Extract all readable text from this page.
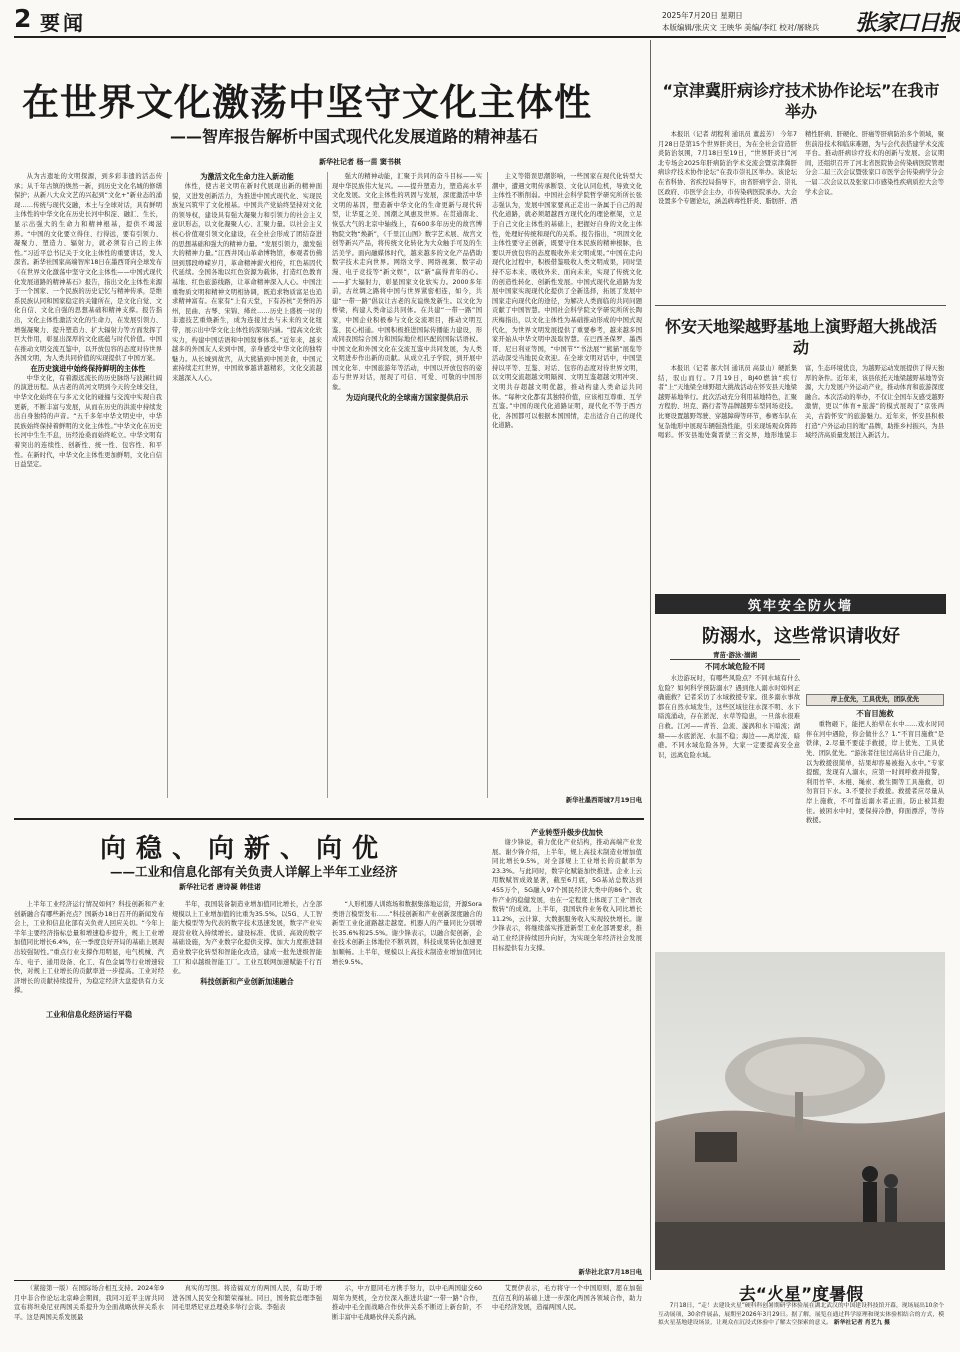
2 要闻	2025年7月20日 星期日
本版编辑/张庆文 王映华 美编/李红 校对/屠晓兵 张家口日报
在世界文化激荡中坚守文化主体性
——智库报告解析中国式现代化发展道路的精神基石
新华社记者 杨一苗 窦书棋

从为古遗址的文明探源，到多彩非遗的活态传承；从千年古镇的焕然一新，到历史文化名城的修缮保护；从新八大众文艺的兴起到“文化+”新业态的涌现……传统与现代交融，本土与全球对话，具有鲜明主体性的中华文化在历史长河中积淀、融汇、生长，显示出强大的生命力和精神根基，提供不竭滋养。“中国的文化要立得住、行得远，要有引领力、凝聚力、塑造力、辐射力，就必须有自己的主体性。”习近平总书记关于文化主体性的重要讲话，发人深省。新华社国家高端智库18日在墨西哥向全球发布《在世界文化激荡中坚守文化主体性——中国式现代化发展道路的精神基石》报告，指出文化主体性来源于一个国家、一个民族的历史记忆与精神传承，是维系民族认同和国家稳定的关键所在，是文化自觉、文化自信、文化自强的思想基础和精神支撑。报告指出，文化主体性激活文化的生命力，在发展引领力、增强凝聚力、提升塑造力、扩大辐射力等方面发挥了巨大作用，彰显出深厚的文化底蕴与时代价值。中国在推动文明交流互鉴中，以开放包容的态度对待世界各国文明，为人类共同价值的实现提供了中国方案。

在历史演进中始终保持鲜明的主体性

中华文化，有着源远流长的历史脉络与波澜壮阔的演进历程。从古老的黄河文明到今天的全球交往，中华文化始终在与多元文化的碰撞与交流中实现自我更新，不断丰富与发展，从而在历史的洪流中持续发出自身独特的声音。“五千多年中华文明史中，中华民族始终保持着鲜明的文化主体性。”中华文化在历史长河中生生不息，历经沧桑而始终屹立。中华文明有着突出的连续性、创新性、统一性、包容性、和平性。在新时代，中华文化主体性更加鲜明，文化自信日益坚定。

为激活文化生命力注入新动能

体性，使古老文明在新时代展现出新的精神面貌，又进发创新活力，为推进中国式现代化、实现民族复兴筑牢了文化根基。中国共产党始终坚持对文化的领导权，建设具有强大凝聚力和引领力的社会主义意识形态，以文化凝聚人心、汇聚力量。以社会主义核心价值观引领文化建设，在全社会形成了团结奋进的思想基础和强大的精神力量。“发展引领力，激发强大的精神力量。”江西井冈山革命博物馆，参观者仿佛回到那段峥嵘岁月，革命精神薪火相传，红色基因代代延续。全国各地以红色资源为载体，打造红色教育基地、红色旅游线路，让革命精神深入人心。中国注重物质文明和精神文明相协调，既追求物质富足也追求精神富有。在家有“上有天堂，下有苏杭”美誉的苏州，昆曲、古琴、宋锦、缂丝……历史上盛极一时的非遗技艺重焕新生，成为连接过去与未来的文化纽带，展示出中华文化主体性的深刻内涵。“提高文化软实力，构建中国话语和中国叙事体系。”近年来，越来越多的外国友人来到中国，亲身感受中华文化的独特魅力。从长城到故宫，从大熊猫到中国美食，中国元素持续走红世界，中国故事越讲越精彩，文化交流越来越深入人心。

强大的精神动能，汇聚于共同的奋斗目标——实现中华民族伟大复兴。——提升塑造力，塑造高水平文化发展。文化主体性的巩固与发展，深度激活中华文明的基因，塑造新中华文化的生命更新与现代转型，让华夏之美、国潮之风惠及世界。在贯通南北、恢弘大气的北京中轴线上，有600多年历史的故宫博物院文物“焕新”，《千里江山图》数字艺术展、故宫文创等新兴产品，将传统文化转化为大众触手可及的生活美学。面向融媒体时代，越来越多的文化产品借助数字技术走向世界。网络文学、网络视频、数字动漫、电子竞技等“新文娱”，以“新”赢得青年的心。——扩大辐射力，彰显国家文化软实力。2000多年前，古丝绸之路将中国与世界紧密相连，如今，共建“一带一路”倡议让古老的友谊焕发新生。以文化为桥梁，构建人类命运共同体。在共建“一带一路”国家，中国企业积极参与文化交流项目，推动文明互鉴、民心相通。中国积极推进国际传播能力建设，形成同我国综合国力和国际地位相匹配的国际话语权。中国文化和外国文化在交流互鉴中共同发展，为人类文明进步作出新的贡献。从成立孔子学院，到开展中国文化年、中国旅游年等活动，中国以开放包容的姿态与世界对话，展现了可信、可爱、可敬的中国形象。

为迈向现代化的全球南方国家提供启示

主义等错误思潮影响，一些国家在现代化转型大潮中，遭遇文明传承断裂、文化认同危机，导致文化主体性不断削弱。中国社会科学院哲学研究所所长张志强认为，发展中国家要真正走出一条属于自己的现代化道路，就必须超越西方现代化的理论框架，立足于自己文化主体性的基础上，把握好自身的文化主体性，处理好传统和现代的关系。报告指出，“巩固文化主体性要守正创新，既要守住本民族的精神根脉，也要以开放包容的态度吸收外来文明成果。”中国在走向现代化过程中，积极借鉴吸收人类文明成果，同时坚持不忘本来、吸收外来、面向未来，实现了传统文化的创造性转化、创新性发展。中国式现代化道路为发展中国家实现现代化提供了全新选择，拓展了发展中国家走向现代化的途径，为解决人类面临的共同问题贡献了中国智慧。中国社会科学院文学研究所所长陶庆梅指出，以文化主体性为基础推动形成的中国式现代化，为世界文明发展提供了重要参考，越来越多国家开始从中华文明中汲取智慧。在巴西圣保罗、墨西哥、尼日利亚等国，“中国节”“书法展”“熊猫”展览等活动深受当地民众欢迎。在全球文明对话中，中国坚持以平等、互鉴、对话、包容的态度对待世界文明，以文明交流超越文明隔阂、文明互鉴超越文明冲突、文明共存超越文明优越，推动构建人类命运共同体。“每种文化都有其独特价值，应该相互尊重、互学互鉴。”中国的现代化道路证明，现代化不等于西方化，各国都可以根据本国国情，走出适合自己的现代化道路。

新华社墨西哥城7月19日电
“京津冀肝病诊疗技术协作论坛”在我市举办

本报讯（记者 胡程利 通讯员 董蕊芳） 今年7月28日是第15个世界肝炎日，为在全社会营造肝炎防治氛围，7月18日至19日，“世界肝炎日”河北专场会2025年肝病防治学术交流会暨京津冀肝病诊疗技术协作论坛”在我市崇礼区举办。该论坛在省科协、省疾控局指导下，由省肝病学会、崇礼区政府、市医学会主办，市传染病医院承办。大会设置多个专题论坛，涵盖病毒性肝炎、脂肪肝、酒精性肝病、肝硬化、肝癌等肝病防治多个领域，聚焦前沿技术和临床难题，为与会代表搭建学术交流平台。推动肝病诊疗技术的创新与发展。会议期间，还组织召开了河北省医院协会传染病医院管理分会二届三次会议暨张家口市医学会传染病学分会一届二次会议以及张家口市感染性疾病质控大会等学术会议。

怀安天地梁越野基地上演野超大挑战活动

本报讯（记者 郝大钊 通讯员 高景山）硬派集结，驭山而行。7月19日，BJ40燃油“疾行者”上“天地梁全球野超大挑战活动在怀安县天地梁越野基地举行。此次活动充分利用基地特色，汇聚方程豹、坦克、路行者等品牌越野车型同场竞技。比赛设置越野驾驶、穿越障碍等环节，参赛车队在复杂地形中展现车辆强劲性能，引来现场观众阵阵喝彩。怀安县地处冀晋蒙三省交界，地形地貌丰富，生态环境优良，为越野运动发展提供了得天独厚的条件。近年来，该县依托天地梁越野基地等资源，大力发展户外运动产业，推动体育和旅游深度融合。本次活动的举办，不仅让全国车友感受越野激情，更以“体育+旅游”的模式展现了“京张两关，古韵怀安”的旅游魅力。近年来，怀安县积极打造“户外运动目的地”品牌，助推乡村振兴，为县域经济高质量发展注入新活力。

筑牢安全防火墙
防溺水，这些常识请收好
青苗·游泳·溺湖
不同水域危险不同

水边游玩时，有哪些风险点？不同水域有什么危险？如何科学预防溺水？遇到他人溺水时如何正确施救？记者采访了水域救援专家。很多溺水事故都在自然水域发生，这些区域往往水深不明、水下暗流涌动，存在淤泥、水草等隐患，一旦落水很难自救。江河——青苔、急流、漩涡和水下暗流；湖塘——水底淤泥、水温不稳；海边——离岸流、暗礁。不同水域危险各异，大家一定要提高安全意识，远离危险水域。

岸上优先，工具优先，团队优先
不盲目施救

重物砸下，能把人拍晕在水中……戏水时同伴在河中遇险，你会做什么？1.“不盲目施救”是铁律，2.尽量不要徒手救援，岸上优先、工具优先、团队优先。“游泳者往往过高估计自己能力，以为救援很简单，结果却容易被拖入水中。”专家提醒，发现有人溺水，应第一时间呼救并报警，利用竹竿、木棍、绳索、救生圈等工具施救，切勿盲目下水。3.不要拉手救援。救援者应尽量从岸上施救，不可靠近溺水者正面，防止被其抱住。被困水中时，要保持冷静，仰面漂浮，等待救援。

向稳、向新、向优
——工业和信息化部有关负责人详解上半年工业经济
新华社记者 唐诗凝 韩佳诺

上半年工业经济运行情况如何？科技创新和产业创新融合有哪些新亮点？国新办18日召开的新闻发布会上，工业和信息化部有关负责人回应关切。“今年上半年主要经济指标总量和增速稳步提升，规上工业增加值同比增长6.4%，在一季度良好开局的基础上展现出较强韧性。”重点行业支撑作用明显，电气机械、汽车、电子、通用设备、化工、有色金属等行业增速较快，对规上工业增长的贡献率进一步提高。工业对经济增长的贡献持续提升，为稳定经济大盘提供有力支撑。

半年，我国装备制造业增加值同比增长，占全部规模以上工业增加值的比重为35.5%。以5G、人工智能大模型等为代表的数字技术迅速发展，数字产业实现营业收入持续增长。建设标准、优质、高效的数字基础设施，为产业数字化提供支撑。加大力度推进制造业数字化转型和智能化改造，建成一批先进级智能工厂和卓越级智能工厂。工业互联网加速赋能千行百业。

科技创新和产业创新加速融合

“人形机器人训练场和数据集落地运营，开源Sora类语言模型发布……”科技创新和产业创新深度融合的新型工业化道路越走越宽。机器人的产量同比分别增长35.6%和25.5%。谢少锋表示，以融合促创新，企业技术创新主体地位不断巩固，科技成果转化加速更加顺畅。上半年，规模以上高技术制造业增加值同比增长9.5%。

产业转型升级步伐加快

谢少锋说，着力优化产业结构，推动高端产业发展。谢少锋介绍，上半年，规上高技术制造业增加值同比增长9.5%，对全部规上工业增长的贡献率为23.3%。与此同时，数字化赋能加快推进。企业上云用数赋智成效显著，截至6月底，5G基站总数达到455万个，5G融入97个国民经济大类中的86个。软件产业的稳健发展，也在一定程度上体现了工业“智改数转”的成效。上半年，我国软件业务收入同比增长11.2%，云计算、大数据服务收入实现较快增长。谢少锋表示，将继续落实推进新型工业化部署要求，推动工业经济持续回升向好，为实现全年经济社会发展目标提供有力支撑。

新华社北京7月18日电
工业和信息化经济运行平稳
去“火星”度暑假

7月18日，“走！去建设火星”硬科科创暑期研学体验展在湖北武汉的中国建设科技馆开幕，现场展出10余个互动展项，30余件展品，展期至2026年3月29日。据了解，展览在通过科学原理和现实体验相结合的方式，模拟火星基地建设场景，让观众在沉浸式体验中了解太空探索的意义。 新华社记者 肖艺九 摄

（紧接第一版）在国际场合相互支持。2024年9月中非合作论坛北京峰会期间，我同习近平主席共同宣布将坦桑尼亚两国关系提升为全面战略伙伴关系水平。这是两国关系发展最

真实的写照。将造福双方的两国人民，有助于增进各国人民安全和繁荣福祉。同日，国务院总理李强同毛里塔尼亚总理桑多举行会谈。李强表

示，中方愿同毛方携手努力，以中毛两国建交60周年为契机，全方位深入推进共建“一带一路”合作，推动中毛全面战略合作伙伴关系不断迈上新台阶，不断丰富中毛战略伙伴关系内涵。

艾贾伊表示，毛方将守一个中国原则，愿在加强互信互利的基础上进一步深化两国各领域合作，助力中毛经济发展，造福两国人民。
